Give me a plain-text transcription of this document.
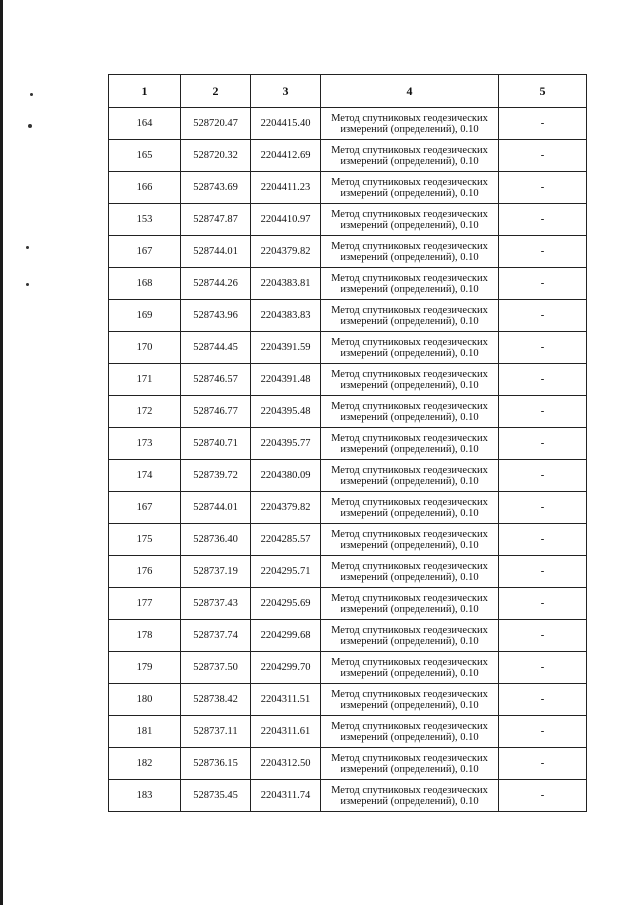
1	2	3	4	5
164	528720.47	2204415.40	Метод спутниковых геодезических
измерений (определений), 0.10	-
165	528720.32	2204412.69	Метод спутниковых геодезических
измерений (определений), 0.10	-
166	528743.69	2204411.23	Метод спутниковых геодезических
измерений (определений), 0.10	-
153	528747.87	2204410.97	Метод спутниковых геодезических
измерений (определений), 0.10	-
167	528744.01	2204379.82	Метод спутниковых геодезических
измерений (определений), 0.10	-
168	528744.26	2204383.81	Метод спутниковых геодезических
измерений (определений), 0.10	-
169	528743.96	2204383.83	Метод спутниковых геодезических
измерений (определений), 0.10	-
170	528744.45	2204391.59	Метод спутниковых геодезических
измерений (определений), 0.10	-
171	528746.57	2204391.48	Метод спутниковых геодезических
измерений (определений), 0.10	-
172	528746.77	2204395.48	Метод спутниковых геодезических
измерений (определений), 0.10	-
173	528740.71	2204395.77	Метод спутниковых геодезических
измерений (определений), 0.10	-
174	528739.72	2204380.09	Метод спутниковых геодезических
измерений (определений), 0.10	-
167	528744.01	2204379.82	Метод спутниковых геодезических
измерений (определений), 0.10	-
175	528736.40	2204285.57	Метод спутниковых геодезических
измерений (определений), 0.10	-
176	528737.19	2204295.71	Метод спутниковых геодезических
измерений (определений), 0.10	-
177	528737.43	2204295.69	Метод спутниковых геодезических
измерений (определений), 0.10	-
178	528737.74	2204299.68	Метод спутниковых геодезических
измерений (определений), 0.10	-
179	528737.50	2204299.70	Метод спутниковых геодезических
измерений (определений), 0.10	-
180	528738.42	2204311.51	Метод спутниковых геодезических
измерений (определений), 0.10	-
181	528737.11	2204311.61	Метод спутниковых геодезических
измерений (определений), 0.10	-
182	528736.15	2204312.50	Метод спутниковых геодезических
измерений (определений), 0.10	-
183	528735.45	2204311.74	Метод спутниковых геодезических
измерений (определений), 0.10	-
